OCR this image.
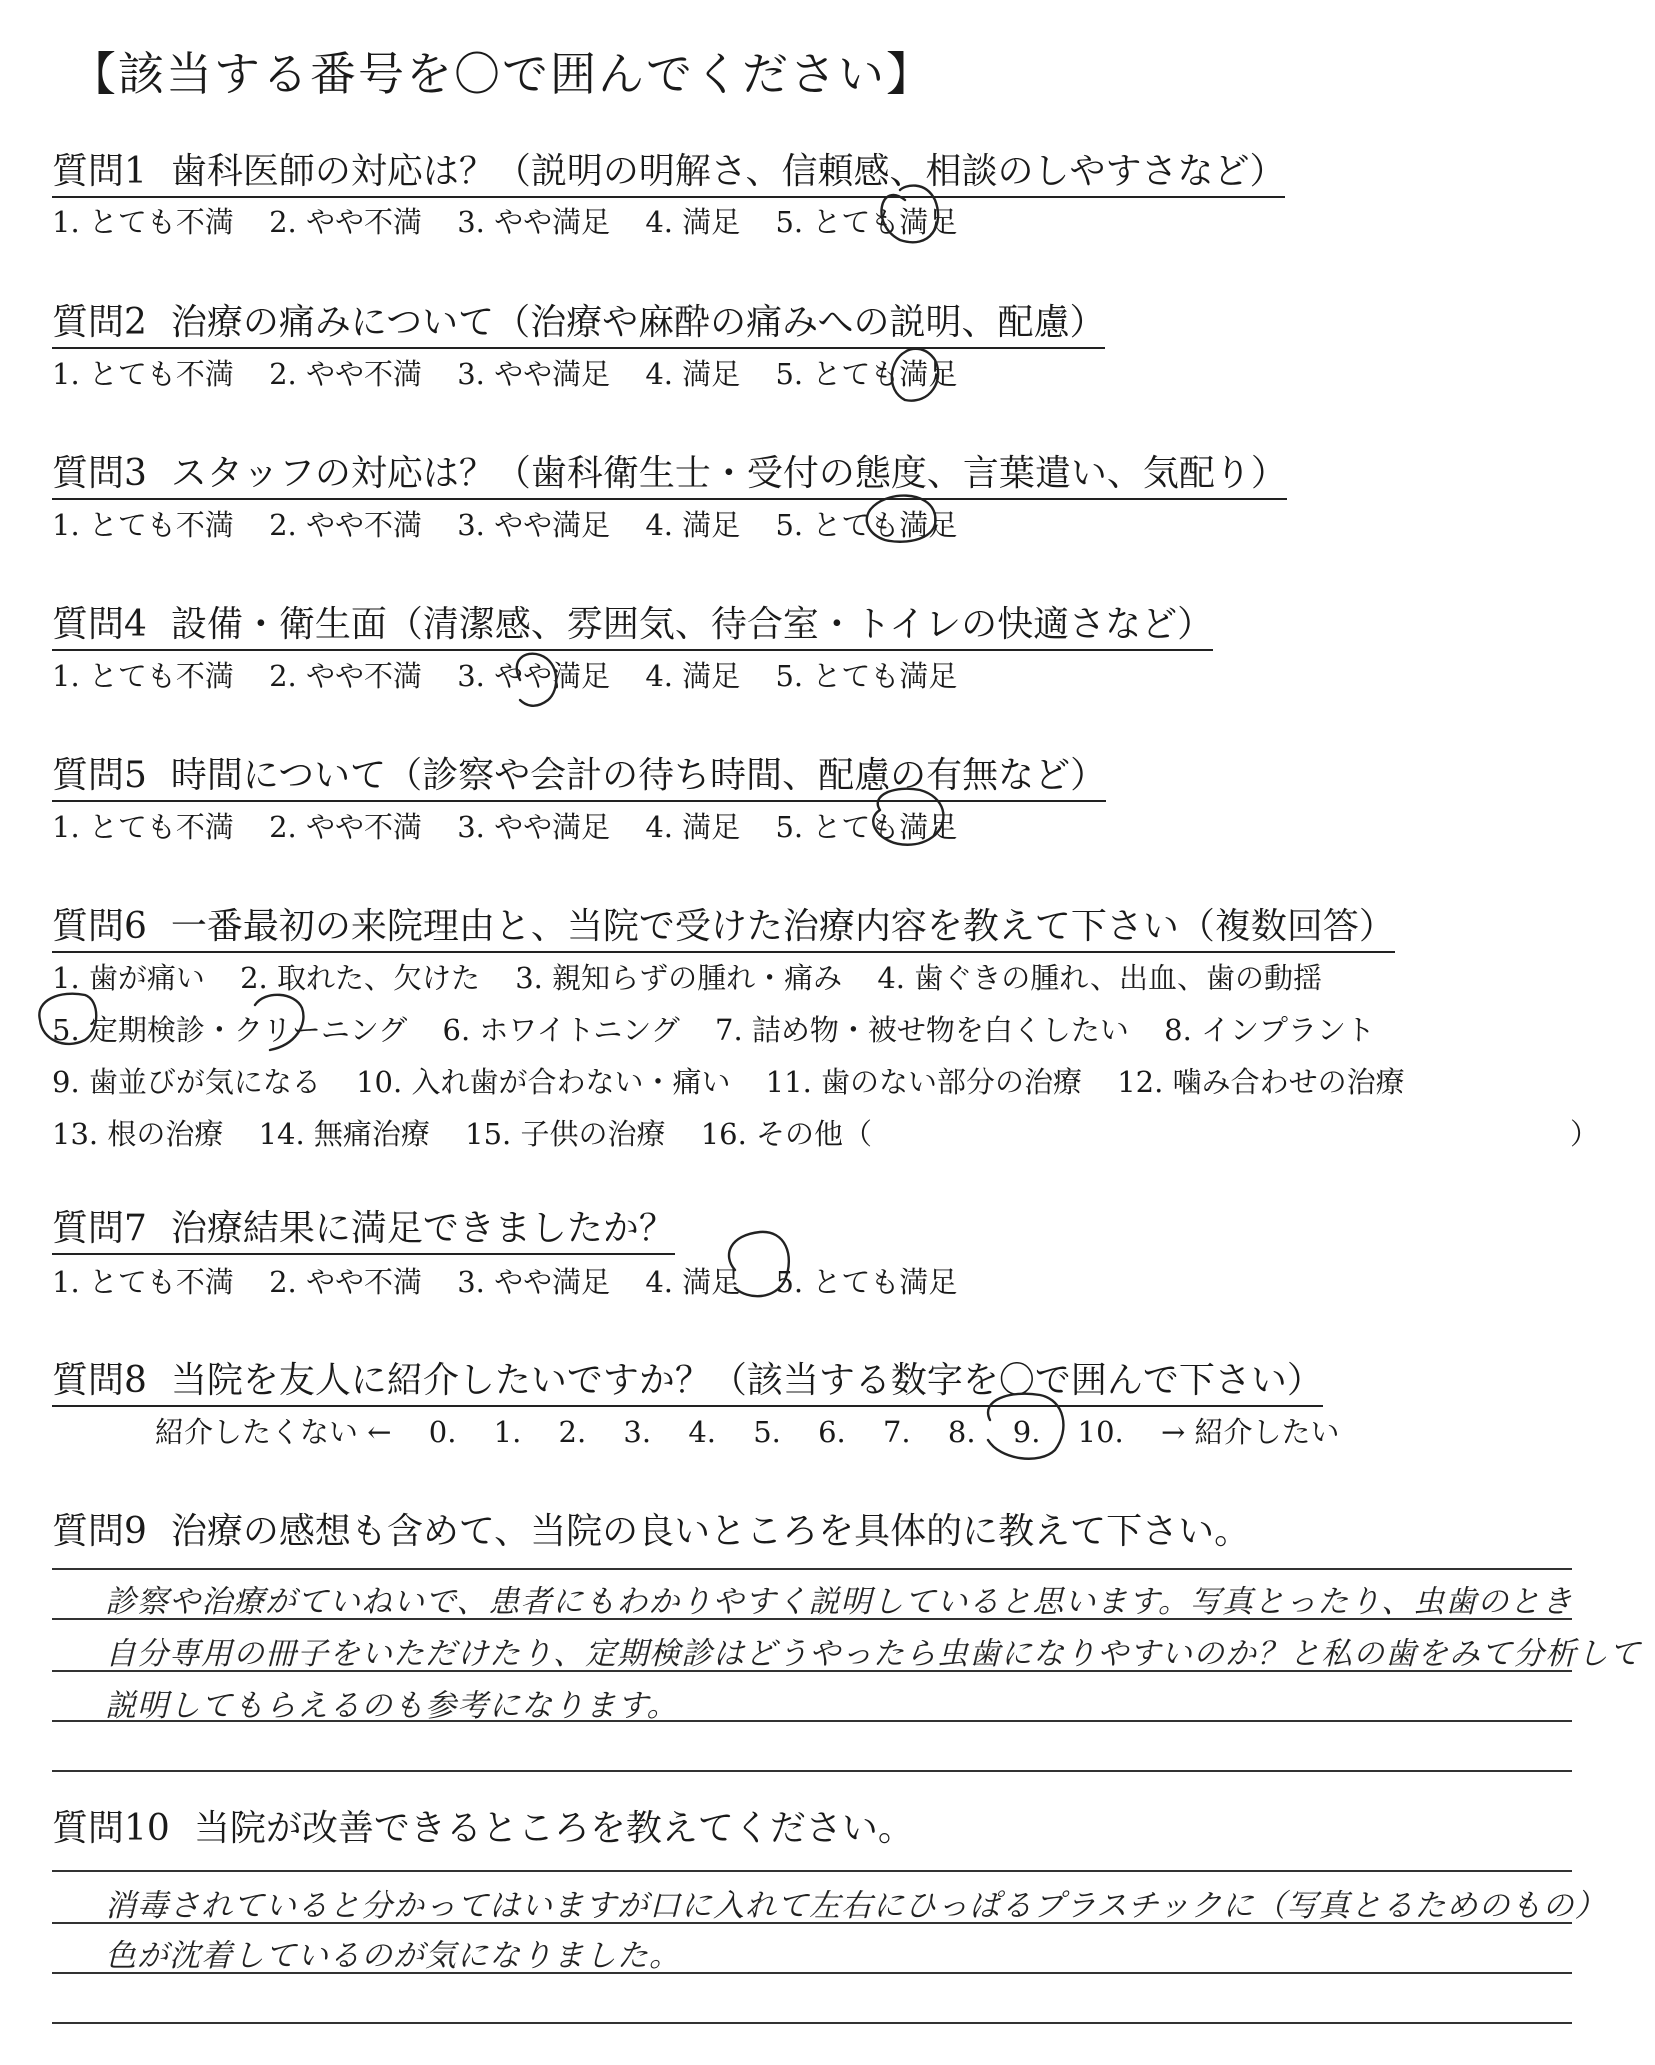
【該当する番号を〇で囲んでください】
質問1 歯科医師の対応は？（説明の明解さ、信頼感、相談のしやすさなど）
1. とても不満 2. やや不満 3. やや満足 4. 満足 5. とても満足
質問2 治療の痛みについて（治療や麻酔の痛みへの説明、配慮）
1. とても不満 2. やや不満 3. やや満足 4. 満足 5. とても満足
質問3 スタッフの対応は？（歯科衛生士・受付の態度、言葉遣い、気配り）
1. とても不満 2. やや不満 3. やや満足 4. 満足 5. とても満足
質問4 設備・衛生面（清潔感、雰囲気、待合室・トイレの快適さなど）
1. とても不満 2. やや不満 3. やや満足 4. 満足 5. とても満足
質問5 時間について（診察や会計の待ち時間、配慮の有無など）
1. とても不満 2. やや不満 3. やや満足 4. 満足 5. とても満足
質問6 一番最初の来院理由と、当院で受けた治療内容を教えて下さい（複数回答）
1. 歯が痛い 2. 取れた、欠けた 3. 親知らずの腫れ・痛み 4. 歯ぐきの腫れ、出血、歯の動揺
5. 定期検診・クリーニング 6. ホワイトニング 7. 詰め物・被せ物を白くしたい 8. インプラント
9. 歯並びが気になる 10. 入れ歯が合わない・痛い 11. 歯のない部分の治療 12. 噛み合わせの治療
13. 根の治療 14. 無痛治療 15. 子供の治療 16. その他（	）
質問7 治療結果に満足できましたか？
1. とても不満 2. やや不満 3. やや満足 4. 満足 5. とても満足
質問8 当院を友人に紹介したいですか？（該当する数字を〇で囲んで下さい）
紹介したくない ← 0. 1. 2. 3. 4. 5. 6. 7. 8. 9. 10. → 紹介したい
質問9 治療の感想も含めて、当院の良いところを具体的に教えて下さい。
診察や治療がていねいで、患者にもわかりやすく説明していると思います。写真とったり、虫歯のとき
自分専用の冊子をいただけたり、定期検診はどうやったら虫歯になりやすいのか？と私の歯をみて分析して
説明してもらえるのも参考になります。
質問10 当院が改善できるところを教えてください。
消毒されていると分かってはいますが口に入れて左右にひっぱるプラスチックに（写真とるためのもの）
色が沈着しているのが気になりました。
